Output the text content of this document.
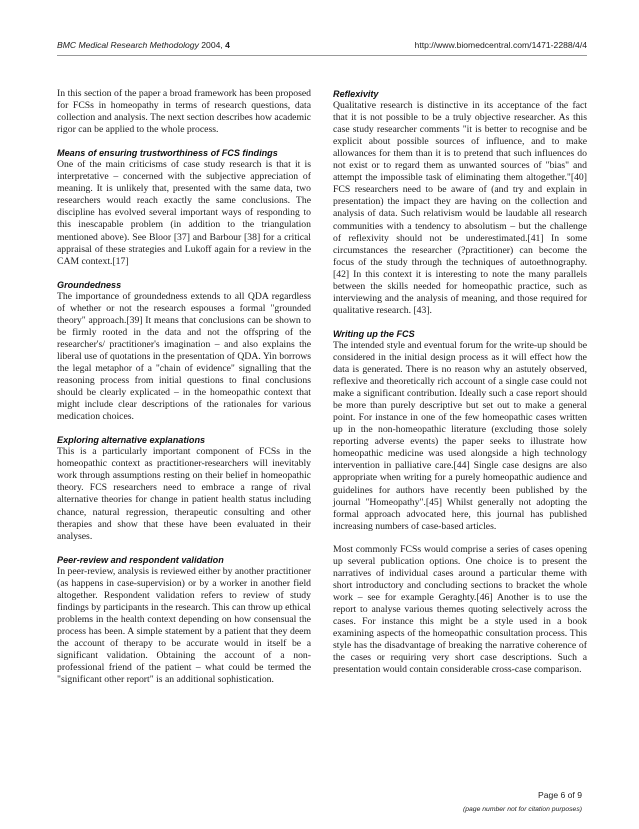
BMC Medical Research Methodology 2004, 4	http://www.biomedcentral.com/1471-2288/4/4

In this section of the paper a broad framework has been proposed for FCSs in homeopathy in terms of research questions, data collection and analysis. The next section describes how academic rigor can be applied to the whole process.

Means of ensuring trustworthiness of FCS findings

One of the main criticisms of case study research is that it is interpretative – concerned with the subjective appreciation of meaning. It is unlikely that, presented with the same data, two researchers would reach exactly the same conclusions. The discipline has evolved several important ways of responding to this inescapable problem (in addition to the triangulation mentioned above). See Bloor [37] and Barbour [38] for a critical appraisal of these strategies and Lukoff again for a review in the CAM context.[17]

Groundedness

The importance of groundedness extends to all QDA regardless of whether or not the research espouses a formal "grounded theory" approach.[39] It means that conclusions can be shown to be firmly rooted in the data and not the offspring of the researcher's/ practitioner's imagination – and also explains the liberal use of quotations in the presentation of QDA. Yin borrows the legal metaphor of a "chain of evidence" signalling that the reasoning process from initial questions to final conclusions should be clearly explicated – in the homeopathic context that might include clear descriptions of the rationales for various medication choices.

Exploring alternative explanations

This is a particularly important component of FCSs in the homeopathic context as practitioner-researchers will inevitably work through assumptions resting on their belief in homeopathic theory. FCS researchers need to embrace a range of rival alternative theories for change in patient health status including chance, natural regression, therapeutic consulting and other therapies and show that these have been evaluated in their analyses.

Peer-review and respondent validation

In peer-review, analysis is reviewed either by another practitioner (as happens in case-supervision) or by a worker in another field altogether. Respondent validation refers to review of study findings by participants in the research. This can throw up ethical problems in the health context depending on how consensual the process has been. A simple statement by a patient that they deem the account of therapy to be accurate would in itself be a significant validation. Obtaining the account of a non-professional friend of the patient – what could be termed the "significant other report" is an additional sophistication.

Reflexivity

Qualitative research is distinctive in its acceptance of the fact that it is not possible to be a truly objective researcher. As this case study researcher comments "it is better to recognise and be explicit about possible sources of influence, and to make allowances for them than it is to pretend that such influences do not exist or to regard them as unwanted sources of "bias" and attempt the impossible task of eliminating them altogether."[40] FCS researchers need to be aware of (and try and explain in presentation) the impact they are having on the collection and analysis of data. Such relativism would be laudable all research communities with a tendency to absolutism – but the challenge of reflexivity should not be underestimated.[41] In some circumstances the researcher (?practitioner) can become the focus of the study through the techniques of autoethnography.[42] In this context it is interesting to note the many parallels between the skills needed for homeopathic practice, such as interviewing and the analysis of meaning, and those required for qualitative research. [43].

Writing up the FCS

The intended style and eventual forum for the write-up should be considered in the initial design process as it will effect how the data is generated. There is no reason why an astutely observed, reflexive and theoretically rich account of a single case could not make a significant contribution. Ideally such a case report should be more than purely descriptive but set out to make a general point. For instance in one of the few homeopathic cases written up in the non-homeopathic literature (excluding those solely reporting adverse events) the paper seeks to illustrate how homeopathic medicine was used alongside a high technology intervention in palliative care.[44] Single case designs are also appropriate when writing for a purely homeopathic audience and guidelines for authors have recently been published by the journal "Homeopathy".[45] Whilst generally not adopting the formal approach advocated here, this journal has published increasing numbers of case-based articles.

Most commonly FCSs would comprise a series of cases opening up several publication options. One choice is to present the narratives of individual cases around a particular theme with short introductory and concluding sections to bracket the whole work – see for example Geraghty.[46] Another is to use the report to analyse various themes quoting selectively across the cases. For instance this might be a style used in a book examining aspects of the homeopathic consultation process. This style has the disadvantage of breaking the narrative coherence of the cases or requiring very short case descriptions. Such a presentation would contain considerable cross-case comparison.

Page 6 of 9
(page number not for citation purposes)
